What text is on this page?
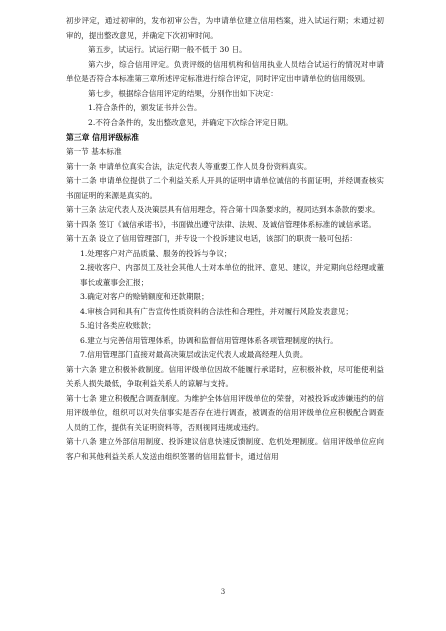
初步评定，通过初审的，发布初审公告，为申请单位建立信用档案，进入试运行期；未通过初审的，提出整改意见，并确定下次初审时间。

第五步，试运行。试运行期一般不低于 30 日。

第六步，综合信用评定。负责评级的信用机构和信用执业人员结合试运行的情况对申请单位是否符合本标准第三章所述评定标准进行综合评定，同时评定出申请单位的信用级别。

第七步，根据综合信用评定的结果，分别作出如下决定：

1.符合条件的，颁发证书并公告。

2.不符合条件的，发出整改意见，并确定下次综合评定日期。

第三章 信用评级标准

第一节 基本标准

第十一条 申请单位真实合法，法定代表人等重要工作人员身份资料真实。

第十二条 申请单位提供了二个利益关系人开具的证明申请单位诚信的书面证明，并经调查核实书面证明的来源是真实的。

第十三条 法定代表人及决策层具有信用理念，符合第十四条要求的，视同达到本条款的要求。

第十四条 签订《诚信承诺书》，书面做出遵守法律、法规、及诚信管理体系标准的诚信承诺。

第十五条 设立了信用管理部门，并专设一个投诉建议电话，该部门的职责一般可包括：

1.处理客户对产品质量、服务的投诉与争议；

2.接收客户、内部员工及社会其他人士对本单位的批评、意见、建议，并定期向总经理或董事长或董事会汇报；

3.确定对客户的赊销额度和还款期限；

4.审核合同和具有广告宣传性质资料的合法性和合理性，并对履行风险发表意见；

5.追讨各类应收账款；

6.建立与完善信用管理体系，协调和监督信用管理体系各项管理制度的执行。

7.信用管理部门直接对最高决策层或法定代表人或最高经理人负责。

第十六条 建立积极补救制度。信用评级单位因故不能履行承诺时，应积极补救，尽可能使利益关系人损失最低，争取利益关系人的谅解与支持。

第十七条 建立积极配合调查制度。为维护全体信用评级单位的荣誉，对被投诉或涉嫌违约的信用评级单位，组织可以对失信事实是否存在进行调查，被调查的信用评级单位应积极配合调查人员的工作，提供有关证明资料等，否则视同违规或违约。

第十八条 建立外部信用制度、投诉建议信息快速反馈制度、危机处理制度。信用评级单位应向客户和其他利益关系人发送由组织签署的信用监督卡，通过信用

3
